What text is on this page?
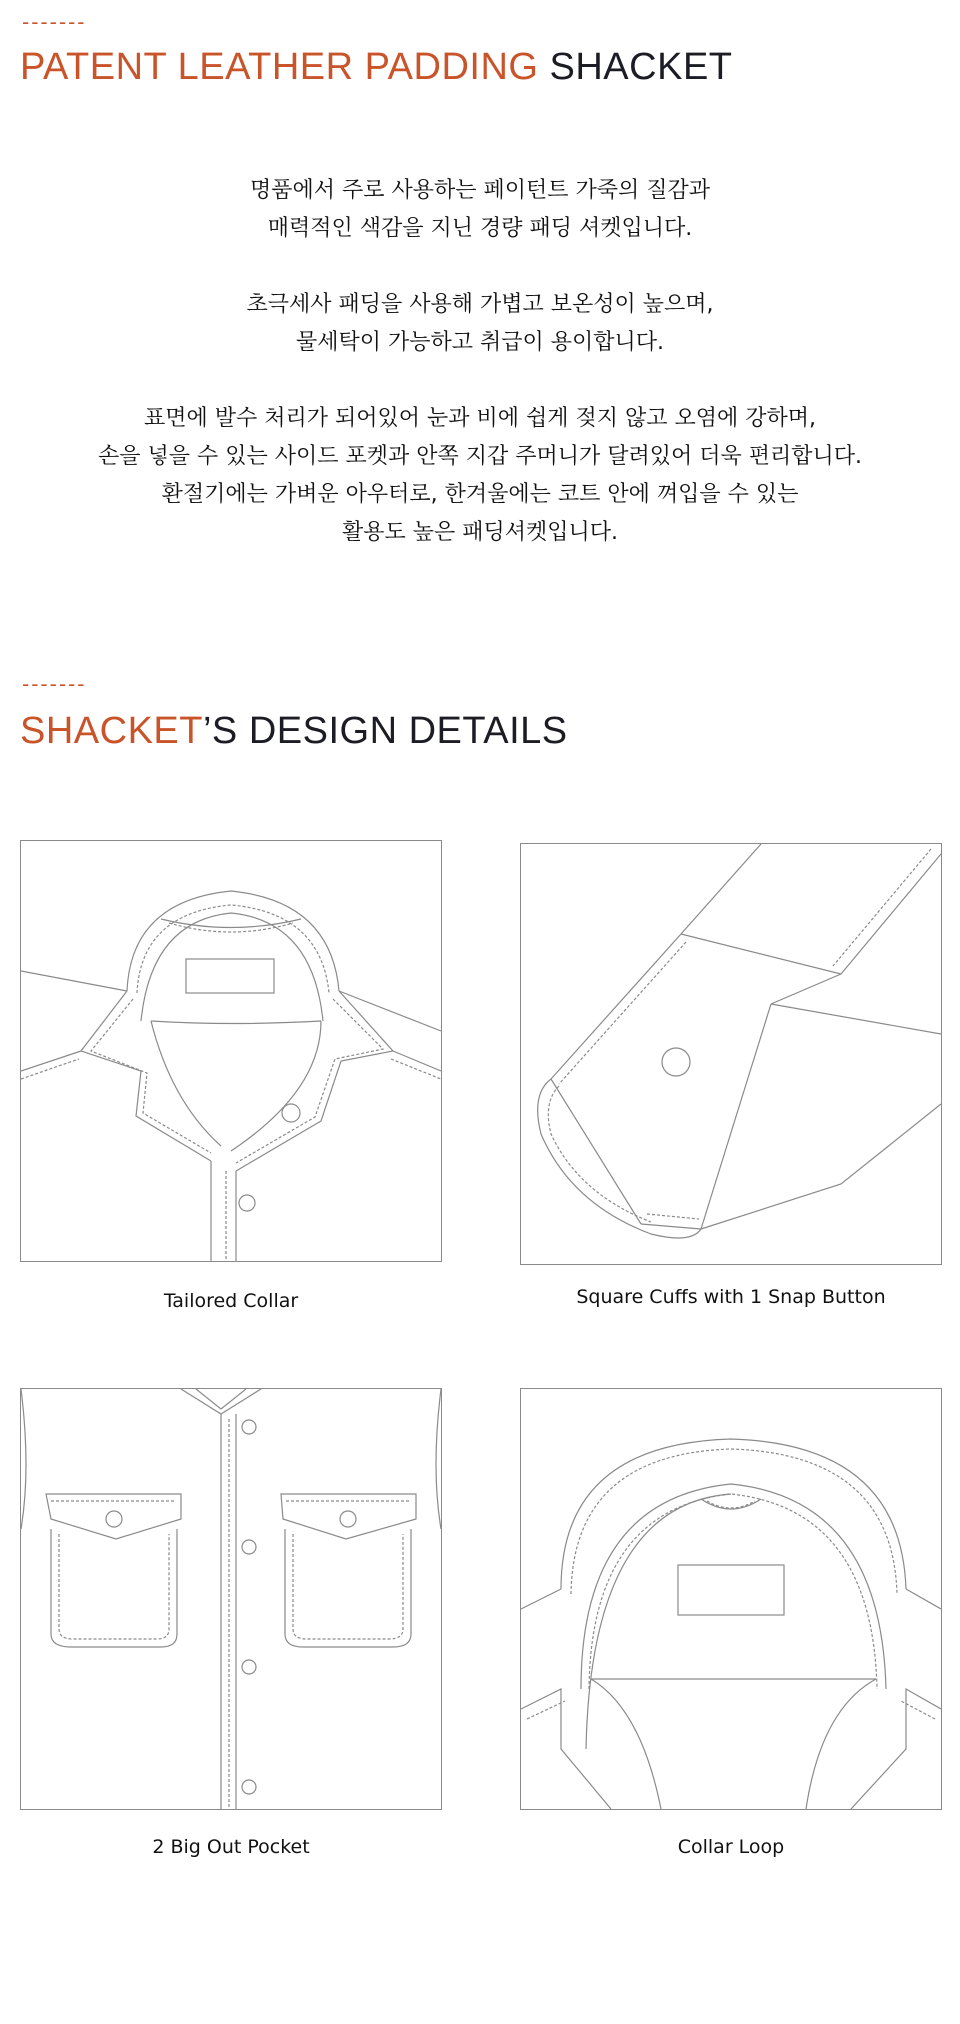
-------
PATENT LEATHER PADDING SHACKET

명품에서 주로 사용하는 페이턴트 가죽의 질감과
매력적인 색감을 지닌 경량 패딩 셔켓입니다.

초극세사 패딩을 사용해 가볍고 보온성이 높으며,
물세탁이 가능하고 취급이 용이합니다.

표면에 발수 처리가 되어있어 눈과 비에 쉽게 젖지 않고 오염에 강하며,
손을 넣을 수 있는 사이드 포켓과 안쪽 지갑 주머니가 달려있어 더욱 편리합니다.
환절기에는 가벼운 아우터로, 한겨울에는 코트 안에 껴입을 수 있는
활용도 높은 패딩셔켓입니다.

-------
SHACKET’S DESIGN DETAILS
Tailored Collar	Square Cuffs with 1 Snap Button
2 Big Out Pocket	Collar Loop
